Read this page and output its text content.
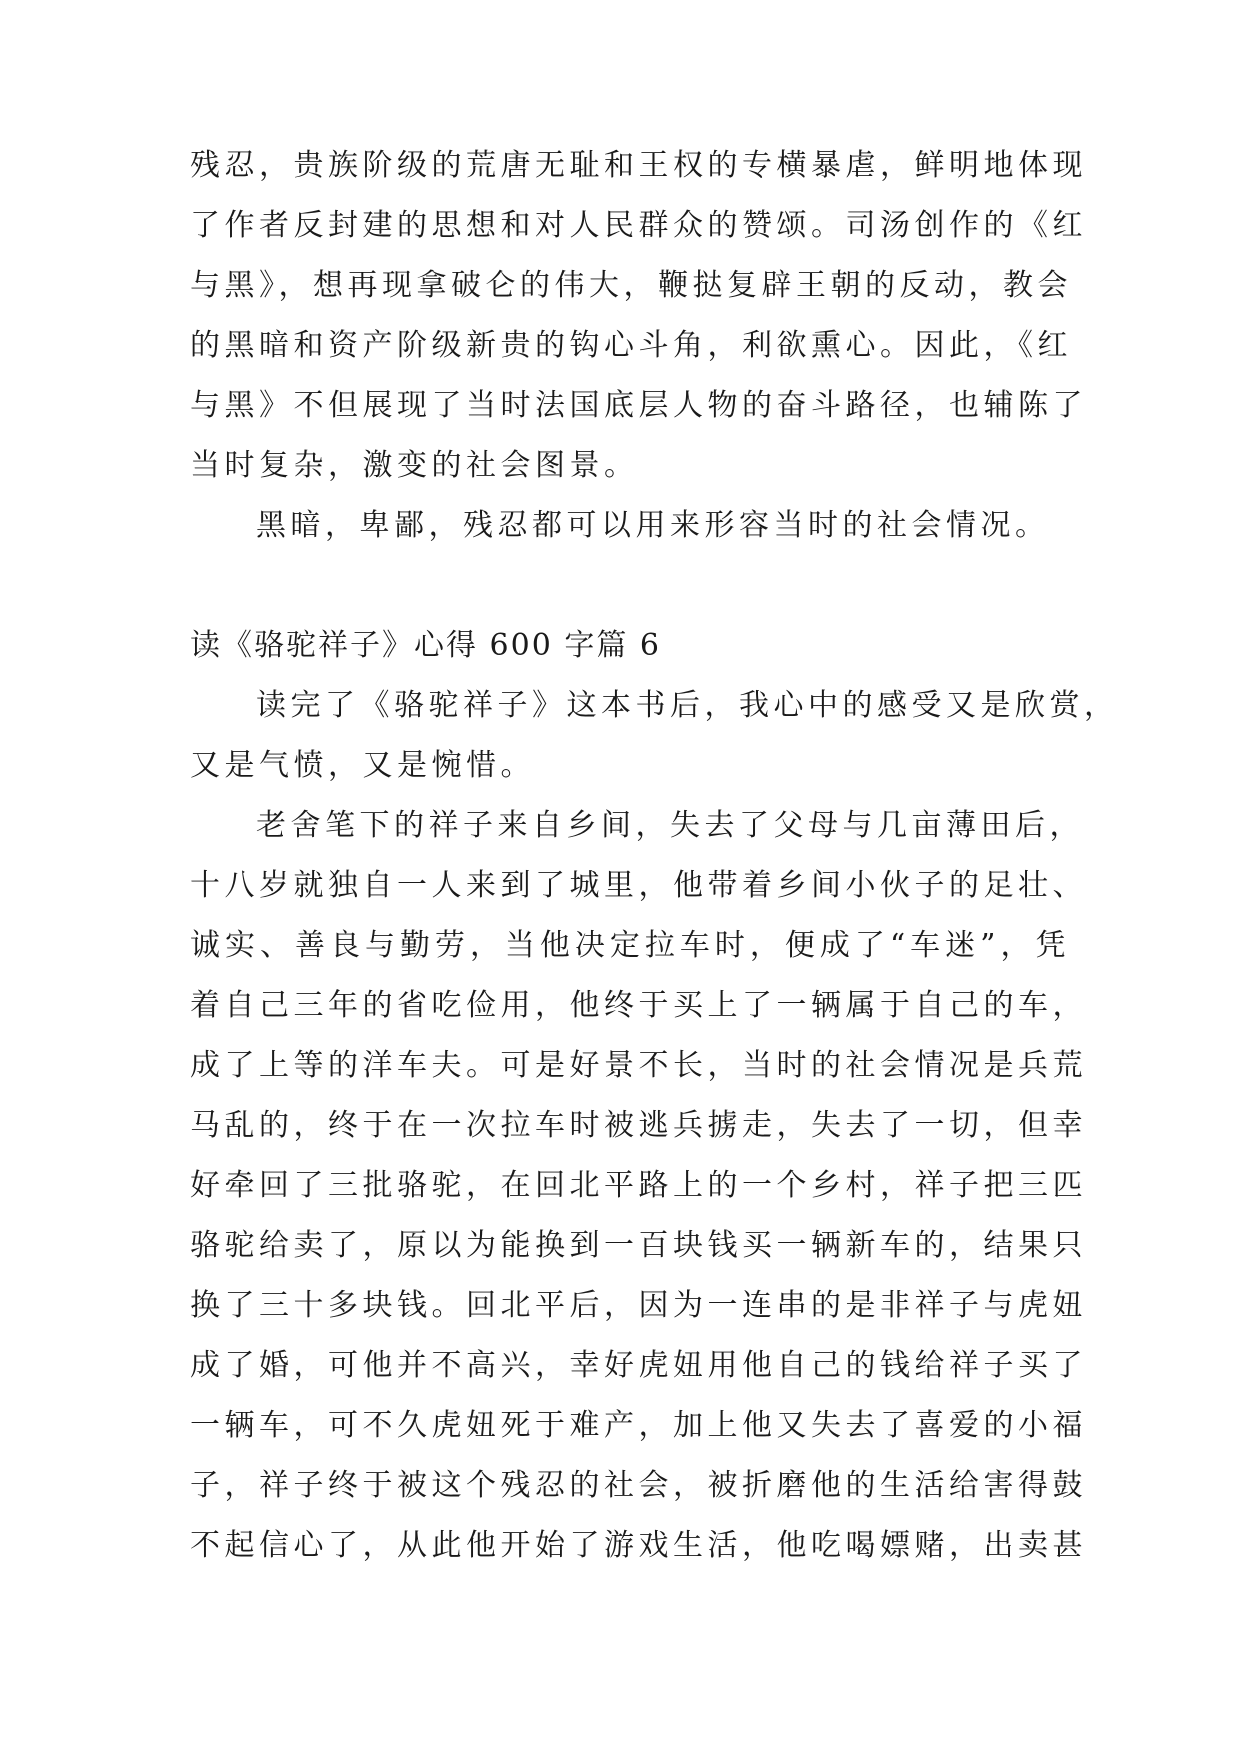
残忍，贵族阶级的荒唐无耻和王权的专横暴虐，鲜明地体现
了作者反封建的思想和对人民群众的赞颂。司汤创作的《红
与黑》，想再现拿破仑的伟大，鞭挞复辟王朝的反动，教会
的黑暗和资产阶级新贵的钩心斗角，利欲熏心。因此，《红
与黑》不但展现了当时法国底层人物的奋斗路径，也辅陈了
当时复杂，激变的社会图景。
黑暗，卑鄙，残忍都可以用来形容当时的社会情况。
读《骆驼祥子》心得 600 字篇 6
读完了《骆驼祥子》这本书后，我心中的感受又是欣赏，
又是气愤，又是惋惜。
老舍笔下的祥子来自乡间，失去了父母与几亩薄田后，
十八岁就独自一人来到了城里，他带着乡间小伙子的足壮、
诚实、善良与勤劳，当他决定拉车时，便成了“车迷”，凭
着自己三年的省吃俭用，他终于买上了一辆属于自己的车，
成了上等的洋车夫。可是好景不长，当时的社会情况是兵荒
马乱的，终于在一次拉车时被逃兵掳走，失去了一切，但幸
好牵回了三批骆驼，在回北平路上的一个乡村，祥子把三匹
骆驼给卖了，原以为能换到一百块钱买一辆新车的，结果只
换了三十多块钱。回北平后，因为一连串的是非祥子与虎妞
成了婚，可他并不高兴，幸好虎妞用他自己的钱给祥子买了
一辆车，可不久虎妞死于难产，加上他又失去了喜爱的小福
子，祥子终于被这个残忍的社会，被折磨他的生活给害得鼓
不起信心了，从此他开始了游戏生活，他吃喝嫖赌，出卖甚
